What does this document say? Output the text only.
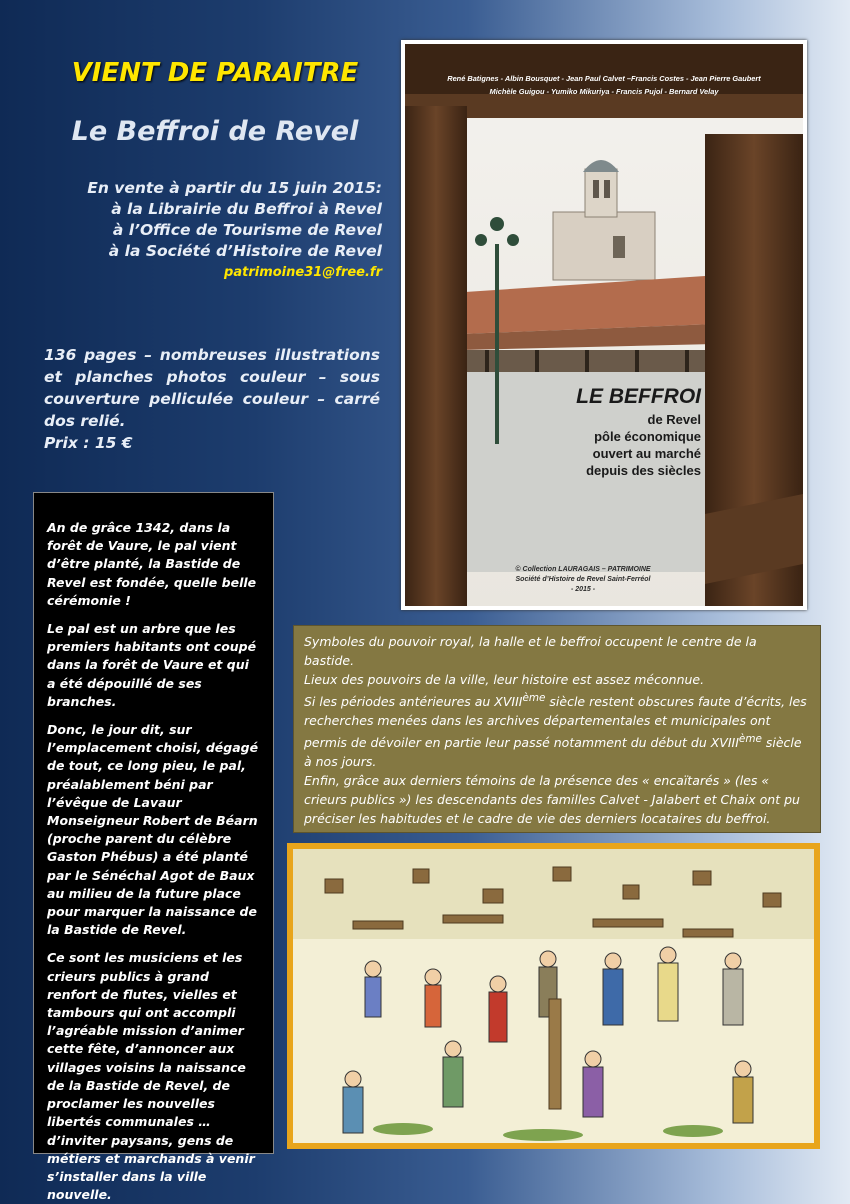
VIENT DE PARAITRE
Le Beffroi de Revel
En vente à partir du 15 juin 2015:
à la Librairie du Beffroi à Revel
à l’Office de Tourisme de Revel
à la Société d’Histoire de Revel
patrimoine31@free.fr
136 pages – nombreuses illustrations et planches photos couleur – sous couverture pelliculée couleur – carré dos relié.
Prix : 15 €
René Batignes - Albin Bousquet - Jean Paul Calvet –Francis Costes - Jean Pierre Gaubert
Michèle Guigou - Yumiko Mikuriya - Francis Pujol - Bernard Velay
LE BEFFROI
de Revel
pôle économique
ouvert au marché
depuis des siècles
© Collection LAURAGAIS – PATRIMOINE
Société d’Histoire de Revel Saint-Ferréol
- 2015 -

An de grâce 1342, dans la forêt de Vaure, le pal vient d’être planté, la Bastide de Revel est fondée, quelle belle cérémonie !

Le pal est un arbre que les premiers habitants ont coupé dans la forêt de Vaure et qui a été dépouillé de ses branches.

Donc, le jour dit, sur l’emplacement choisi, dégagé de tout, ce long pieu, le pal, préalablement béni par l’évêque de Lavaur Monseigneur Robert de Béarn (proche parent du célèbre Gaston Phébus) a été planté par le Sénéchal Agot de Baux au milieu de la future place pour marquer la naissance de la Bastide de Revel.

Ce sont les musiciens et les crieurs publics à grand renfort de flutes, vielles et tambours qui ont accompli l’agréable mission d’animer cette fête, d’annoncer aux villages voisins la naissance de la Bastide de Revel, de proclamer les nouvelles libertés communales … d’inviter paysans, gens de métiers et marchands à venir s’installer dans la ville nouvelle.

Symboles du pouvoir royal, la halle et le beffroi occupent le centre de la bastide.

Lieux des pouvoirs de la ville, leur histoire est assez méconnue.

Si les périodes antérieures au XVIIIème siècle restent obscures faute d’écrits, les recherches menées dans les archives départementales et municipales ont permis de dévoiler en partie leur passé notamment du début du XVIIIème siècle à nos jours.

Enfin, grâce aux derniers témoins de la présence des « encaïtarés » (les « crieurs publics ») les descendants des familles Calvet - Jalabert et Chaix ont pu préciser les habitudes et le cadre de vie des derniers locataires du beffroi.
